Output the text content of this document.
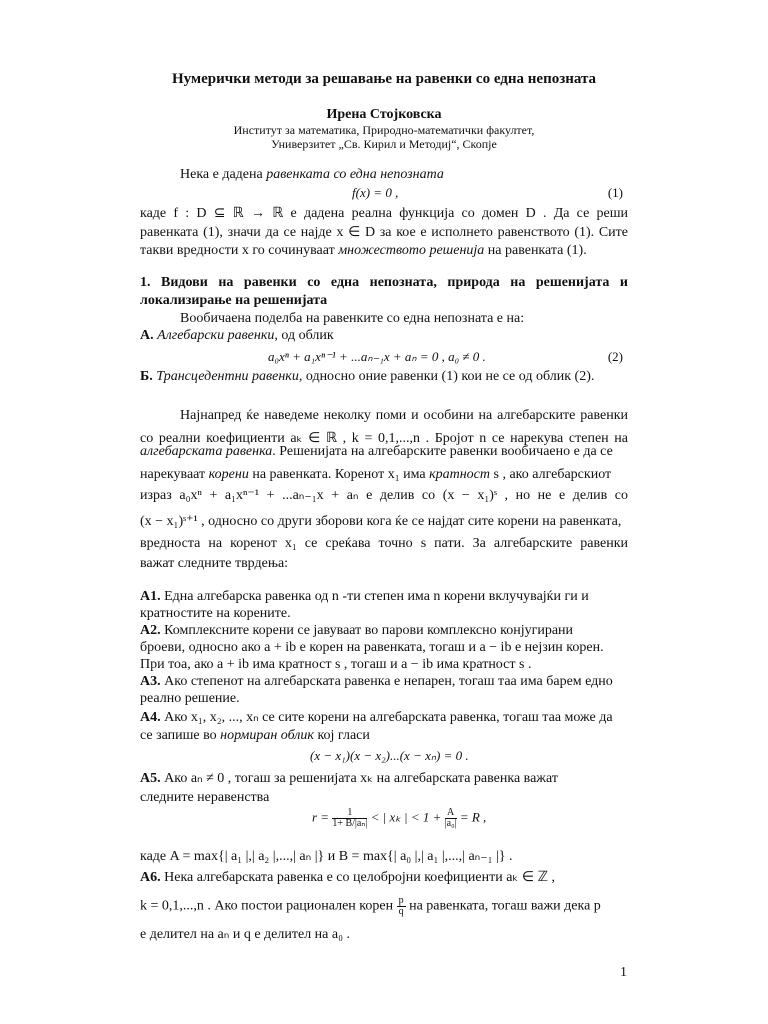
Нумерички методи за решавање на равенки со една непозната
Ирена Стојковска
Институт за математика, Природно-математички факултет,
Универзитет „Св. Кирил и Методиј“, Скопје
Нека е дадена равенката со една непозната
f(x) = 0 ,	(1)
каде f : D ⊆ ℝ → ℝ е дадена реална функција со домен D . Да се реши
равенката (1), значи да се најде x ∈ D за кое е исполнето равенството (1). Сите
такви вредности x го сочинуваат множеството решенија на равенката (1).
1. Видови на равенки со една непозната, природа на решенијата и
локализирање на решенијата
Вообичаена поделба на равенките со една непозната е на:
А. Алгебарски равенки, од облик
a₀xⁿ + a₁xⁿ⁻¹ + ...aₙ₋₁x + aₙ = 0 , a₀ ≠ 0 .	(2)
Б. Трансцедентни равенки, односно оние равенки (1) кои не се од облик (2).
Најнапред ќе наведеме неколку поми и особини на алгебарските равенки
со реални коефициенти aₖ ∈ ℝ , k = 0,1,...,n . Бројот n се нарекува степен на
алгебарската равенка. Решенијата на алгебарските равенки вообичаено е да се
нарекуваат корени на равенката. Коренот x₁ има кратност s , ако алгебарскиот
израз a₀xⁿ + a₁xⁿ⁻¹ + ...aₙ₋₁x + aₙ е делив со (x − x₁)ˢ , но не е делив со
(x − x₁)ˢ⁺¹ , односно со други зборови кога ќе се најдат сите корени на равенката,
вредноста на коренот x₁ се среќава точно s пати. За алгебарските равенки
важат следните тврдења:
А1. Една алгебарска равенка од n -ти степен има n корени вклучувајќи ги и
кратностите на корените.
А2. Комплексните корени се јавуваат во парови комплексно конјугирани
броеви, односно ако a + ib е корен на равенката, тогаш и a − ib е нејзин корен.
При тоа, ако a + ib има кратност s , тогаш и a − ib има кратност s .
А3. Ако степенот на алгебарската равенка е непарен, тогаш таа има барем едно
реално решение.
А4. Ако x₁, x₂, ..., xₙ се сите корени на алгебарската равенка, тогаш таа може да
се запише во нормиран облик кој гласи
(x − x₁)(x − x₂)...(x − xₙ) = 0 .
А5. Ако aₙ ≠ 0 , тогаш за решенијата xₖ на алгебарската равенка важат
следните неравенства
$r = \frac{1}{\text{1+ B/|aₙ|}}$ < | xₖ | < $1 + \frac{A}{\text{|a₀|}} = R$ ,
каде A = max{| a₁ |,| a₂ |,...,| aₙ |} и B = max{| a₀ |,| a₁ |,...,| aₙ₋₁ |} .
А6. Нека алгебарската равенка е со целобројни коефициенти aₖ ∈ ℤ ,
k = 0,1,...,n . Ако постои рационален корен $\frac{p}{q}$ на равенката, тогаш важи дека p
е делител на aₙ и q е делител на a₀ .
1
